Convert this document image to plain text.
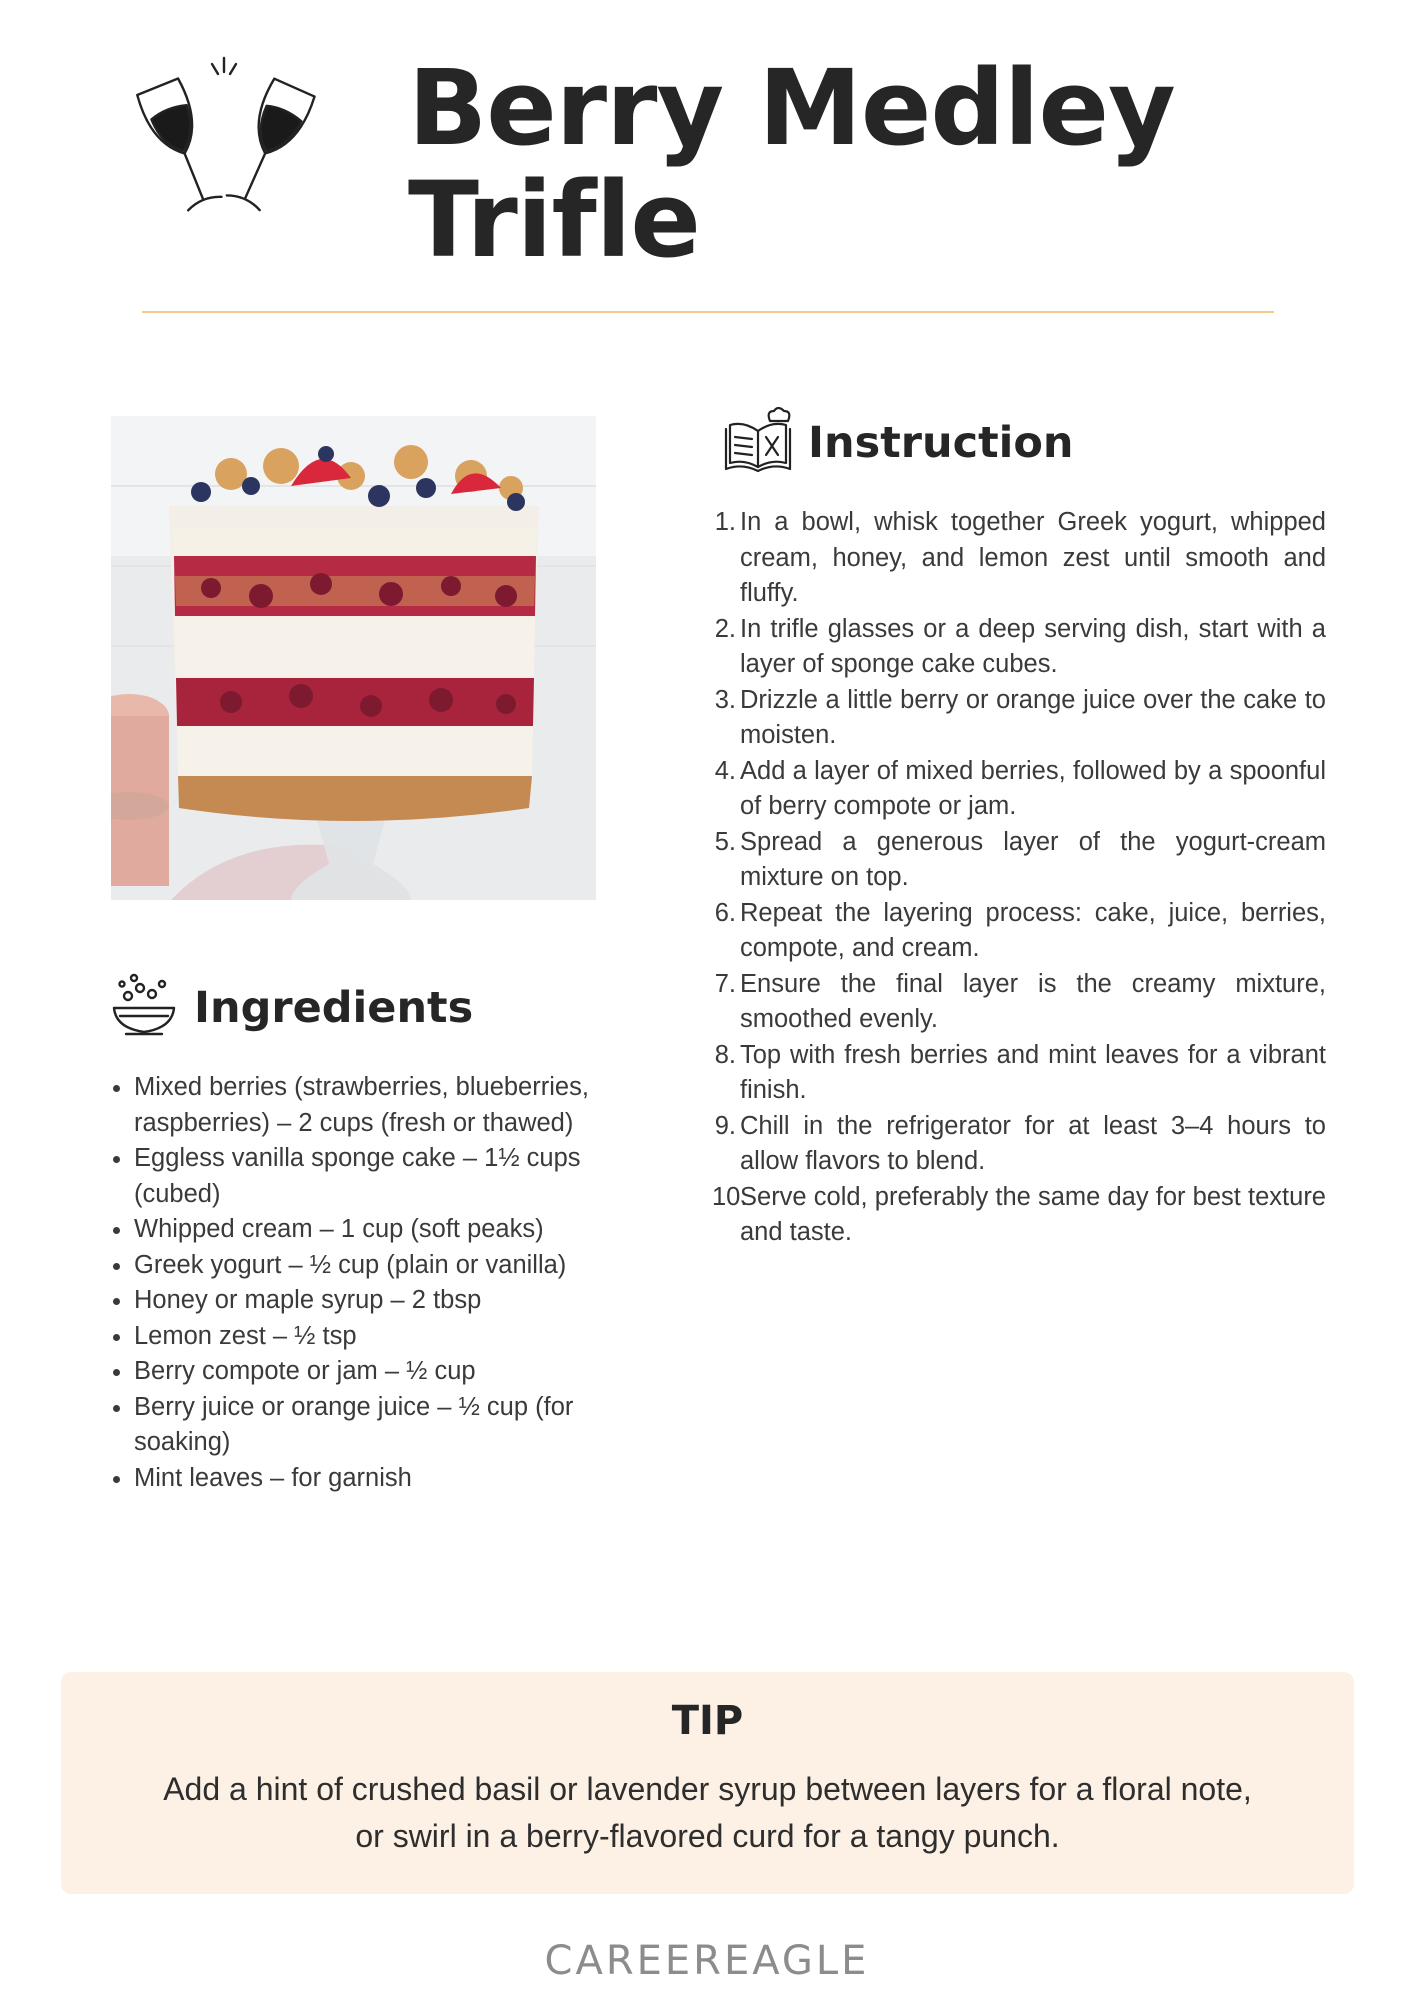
Berry Medley
Trifle
Ingredients
• Mixed berries (strawberries, blueberries, raspberries) – 2 cups (fresh or thawed)
• Eggless vanilla sponge cake – 1½ cups (cubed)
• Whipped cream – 1 cup (soft peaks)
• Greek yogurt – ½ cup (plain or vanilla)
• Honey or maple syrup – 2 tbsp
• Lemon zest – ½ tsp
• Berry compote or jam – ½ cup
• Berry juice or orange juice – ½ cup (for soaking)
• Mint leaves – for garnish
Instruction
1. In a bowl, whisk together Greek yogurt, whipped cream, honey, and lemon zest until smooth and fluffy.
2. In trifle glasses or a deep serving dish, start with a layer of sponge cake cubes.
3. Drizzle a little berry or orange juice over the cake to moisten.
4. Add a layer of mixed berries, followed by a spoonful of berry compote or jam.
5. Spread a generous layer of the yogurt-cream mixture on top.
6. Repeat the layering process: cake, juice, berries, compote, and cream.
7. Ensure the final layer is the creamy mixture, smoothed evenly.
8. Top with fresh berries and mint leaves for a vibrant finish.
9. Chill in the refrigerator for at least 3–4 hours to allow flavors to blend.
10.
Serve cold, preferably the same day for best texture and taste.
TIP
Add a hint of crushed basil or lavender syrup between layers for a floral note, or swirl in a berry-flavored curd for a tangy punch.
CAREEREAGLE
